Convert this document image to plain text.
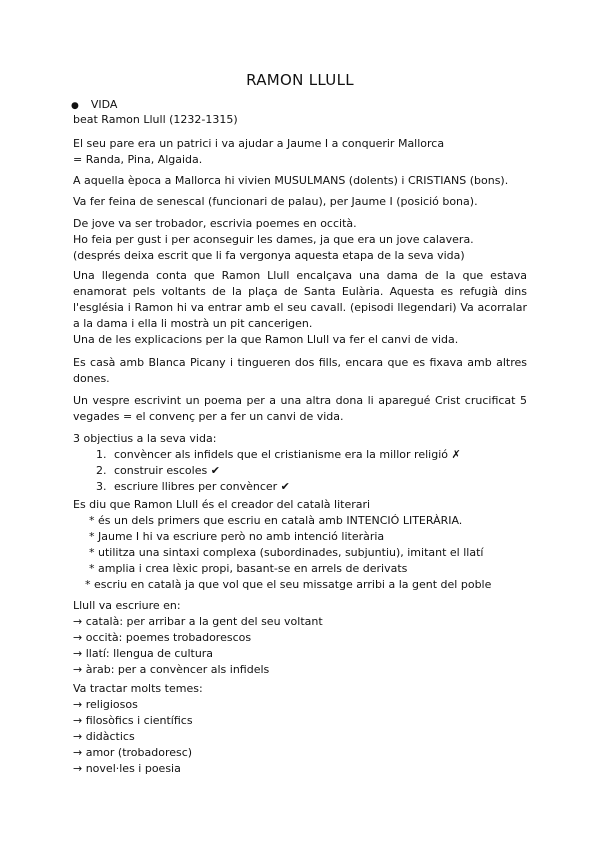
RAMON LLULL
● VIDA
beat Ramon Llull (1232-1315)
El seu pare era un patrici i va ajudar a Jaume I a conquerir Mallorca
= Randa, Pina, Algaida.
A aquella època a Mallorca hi vivien MUSULMANS (dolents) i CRISTIANS (bons).
Va fer feina de senescal (funcionari de palau), per Jaume I (posició bona).
De jove va ser trobador, escrivia poemes en occità.
Ho feia per gust i per aconseguir les dames, ja que era un jove calavera.
(després deixa escrit que li fa vergonya aquesta etapa de la seva vida)
Una llegenda conta que Ramon Llull encalçava una dama de la que estava enamorat pels voltants de la plaça de Santa Eulària. Aquesta es refugià dins l'església i Ramon hi va entrar amb el seu cavall. (episodi llegendari) Va acorralar a la dama i ella li mostrà un pit cancerigen.
Una de les explicacions per la que Ramon Llull va fer el canvi de vida.
Es casà amb Blanca Picany i tingueren dos fills, encara que es fixava amb altres dones.
Un vespre escrivint un poema per a una altra dona li aparegué Crist crucificat 5 vegades = el convenç per a fer un canvi de vida.
3 objectius a la seva vida:
1. convèncer als infidels que el cristianisme era la millor religió ✗
2. construir escoles ✔
3. escriure llibres per convèncer ✔
Es diu que Ramon Llull és el creador del català literari
* és un dels primers que escriu en català amb INTENCIÓ LITERÀRIA.
* Jaume I hi va escriure però no amb intenció literària
* utilitza una sintaxi complexa (subordinades, subjuntiu), imitant el llatí
* amplia i crea lèxic propi, basant-se en arrels de derivats
* escriu en català ja que vol que el seu missatge arribi a la gent del poble
Llull va escriure en:
→ català: per arribar a la gent del seu voltant
→ occità: poemes trobadorescos
→ llatí: llengua de cultura
→ àrab: per a convèncer als infidels
Va tractar molts temes:
→ religiosos
→ filosòfics i científics
→ didàctics
→ amor (trobadoresc)
→ novel·les i poesia
